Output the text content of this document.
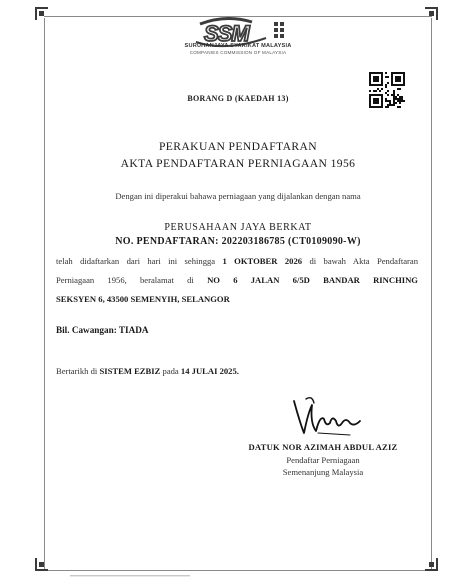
SSM
SURUHANJAYA SYARIKAT MALAYSIA
COMPANIES COMMISSION OF MALAYSIA
BORANG D (KAEDAH 13)
PERAKUAN PENDAFTARAN
AKTA PENDAFTARAN PERNIAGAAN 1956
Dengan ini diperakui bahawa perniagaan yang dijalankan dengan nama
PERUSAHAAN JAYA BERKAT
NO. PENDAFTARAN: 202203186785 (CT0109090-W)
telah didaftarkan dari hari ini sehingga 1 OKTOBER 2026 di bawah Akta Pendaftaran
Perniagaan 1956, beralamat di NO 6 JALAN 6/5D BANDAR RINCHING
SEKSYEN 6, 43500 SEMENYIH, SELANGOR
Bil. Cawangan: TIADA
Bertarikh di SISTEM EZBIZ pada 14 JULAI 2025.
DATUK NOR AZIMAH ABDUL AZIZ
Pendaftar Perniagaan
Semenanjung Malaysia
